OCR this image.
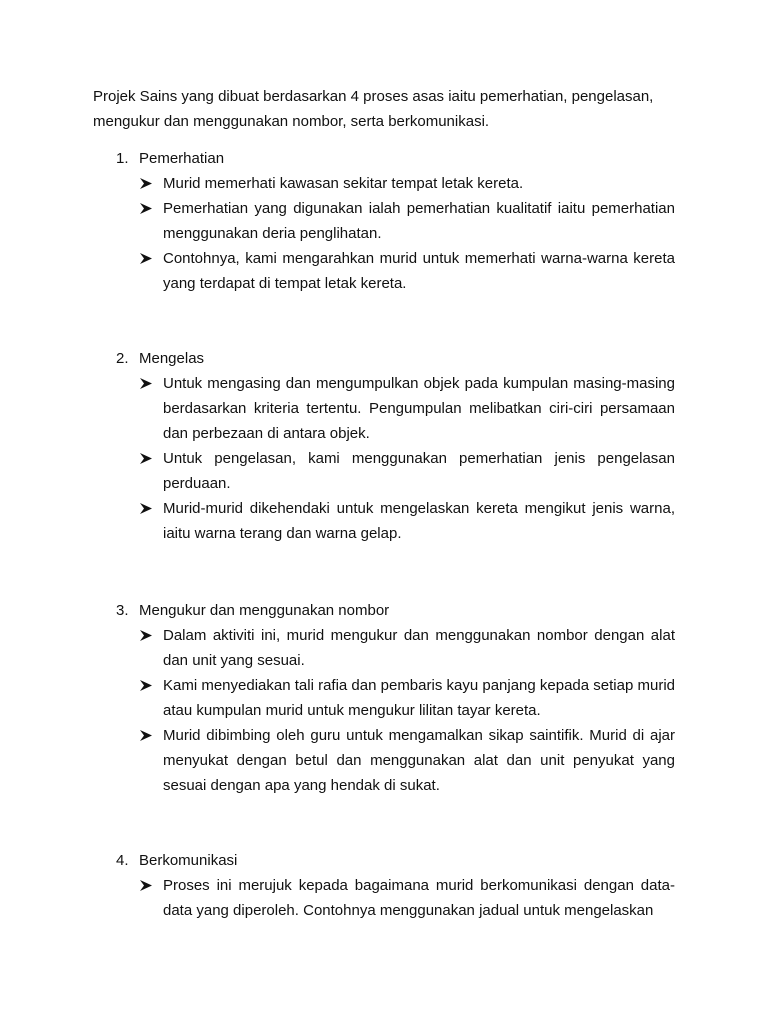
Projek Sains yang dibuat berdasarkan 4 proses asas iaitu pemerhatian, pengelasan, mengukur dan menggunakan nombor, serta berkomunikasi.

1. Pemerhatian

Murid memerhati kawasan sekitar tempat letak kereta.
Pemerhatian yang digunakan ialah pemerhatian kualitatif iaitu pemerhatian menggunakan deria penglihatan.
Contohnya, kami mengarahkan murid untuk memerhati warna-warna kereta yang terdapat di tempat letak kereta.

2. Mengelas

Untuk mengasing dan mengumpulkan objek pada kumpulan masing-masing berdasarkan kriteria tertentu. Pengumpulan melibatkan ciri-ciri persamaan dan perbezaan di antara objek.
Untuk pengelasan, kami menggunakan pemerhatian jenis pengelasan perduaan.
Murid-murid dikehendaki untuk mengelaskan kereta mengikut jenis warna, iaitu warna terang dan warna gelap.

3. Mengukur dan menggunakan nombor

Dalam aktiviti ini, murid mengukur dan menggunakan nombor dengan alat dan unit yang sesuai.
Kami menyediakan tali rafia dan pembaris kayu panjang kepada setiap murid atau kumpulan murid untuk mengukur lilitan tayar kereta.
Murid dibimbing oleh guru untuk mengamalkan sikap saintifik. Murid di ajar menyukat dengan betul dan menggunakan alat dan unit penyukat yang sesuai dengan apa yang hendak di sukat.

4. Berkomunikasi

Proses ini merujuk kepada bagaimana murid berkomunikasi dengan data-data yang diperoleh. Contohnya menggunakan jadual untuk mengelaskan
